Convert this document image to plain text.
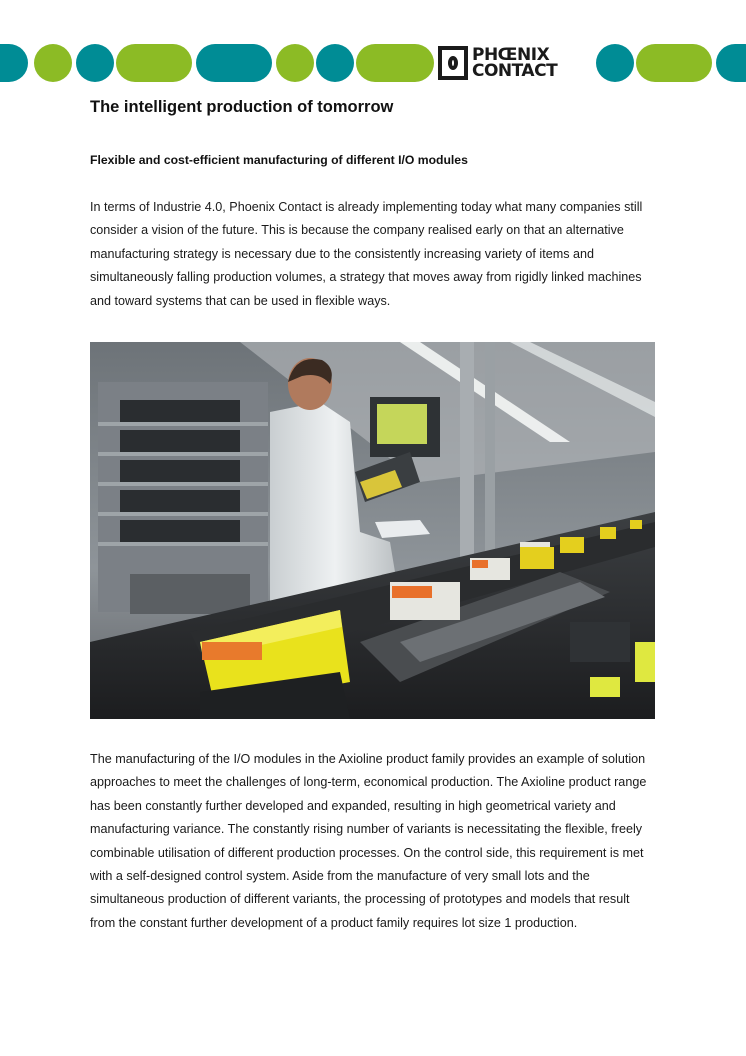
PHŒNIX
CONTACT
The intelligent production of tomorrow
Flexible and cost-efficient manufacturing of different I/O modules

In terms of Industrie 4.0, Phoenix Contact is already implementing today what many companies still consider a vision of the future. This is because the company realised early on that an alternative manufacturing strategy is necessary due to the consistently increasing variety of items and simultaneously falling production volumes, a strategy that moves away from rigidly linked machines and toward systems that can be used in flexible ways.

The manufacturing of the I/O modules in the Axioline product family provides an example of solution approaches to meet the challenges of long-term, economical production. The Axioline product range has been constantly further developed and expanded, resulting in high geometrical variety and manufacturing variance. The constantly rising number of variants is necessitating the flexible, freely combinable utilisation of different production processes. On the control side, this requirement is met with a self-designed control system. Aside from the manufacture of very small lots and the simultaneous production of different variants, the processing of prototypes and models that result from the constant further development of a product family requires lot size 1 production.
